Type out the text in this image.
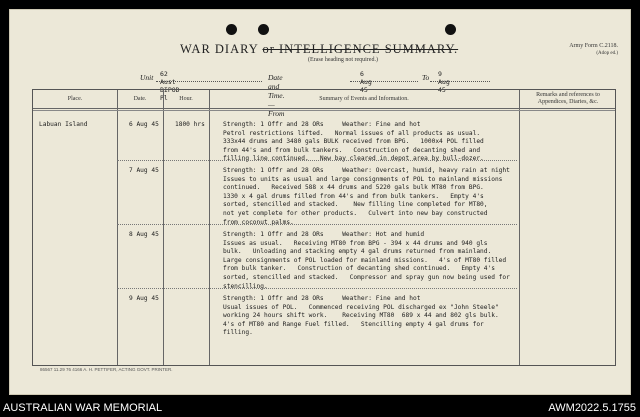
WAR DIARY or INTELLIGENCE SUMMARY.
(Erase heading not required.)
Army Form C.2118.
(Adop ed.)
Unit 62 Aust BIPOD Pl
Date and Time.—From
6 Aug 45
To 9 Aug 45
Place.	Date.	Hour.	Summary of Events and Information.
Remarks and references to Appendices, Diaries, &c.
Labuan Island	6 Aug 45	1800 hrs	Strength: 1 Offr and 28 ORs     Weather: Fine and hot
Petrol restrictions lifted.   Normal issues of all products as usual.
333x44 drums and 3480 gals BULK received from BPG.   1000x4 POL filled
from 44's and from bulk tankers.   Construction of decanting shed and
filling line continued.   New bay cleared in depot area by bull-dozer.
7 Aug 45	Strength: 1 Offr and 28 ORs     Weather: Overcast, humid, heavy rain at night
Issues to units as usual and large consignments of POL to mainland missions
continued.   Received 588 x 44 drums and 5220 gals bulk MT80 from BPG.
1330 x 4 gal drums filled from 44's and from bulk tankers.   Empty 4's
sorted, stencilled and stacked.    New filling line completed for MT80,
not yet complete for other products.   Culvert into new bay constructed
from coconut palms.
8 Aug 45	Strength: 1 Offr and 28 ORs     Weather: Hot and humid
Issues as usual.   Receiving MT80 from BPG - 394 x 44 drums and 940 gls
bulk.   Unloading and stacking empty 4 gal drums returned from mainland.
Large consignments of POL loaded for mainland missions.   4's of MT80 filled
from bulk tanker.   Construction of decanting shed continued.   Empty 4's
sorted, stencilled and stacked.   Compressor and spray gun now being used for
stencilling.
9 Aug 45	Strength: 1 Offr and 28 ORs     Weather: Fine and hot
Usual issues of POL.   Commenced receiving POL discharged ex "John Steele"
working 24 hours shift work.    Receiving MT80  689 x 44 and 802 gls bulk.
4's of MT80 and Range Fuel filled.   Stencilling empty 4 gal drums for
filling.
86567 11.29 76 4166 A. H. PETTIFER, ACTING GOVT. PRINTER.
AUSTRALIAN WAR MEMORIAL	AWM2022.5.1755
